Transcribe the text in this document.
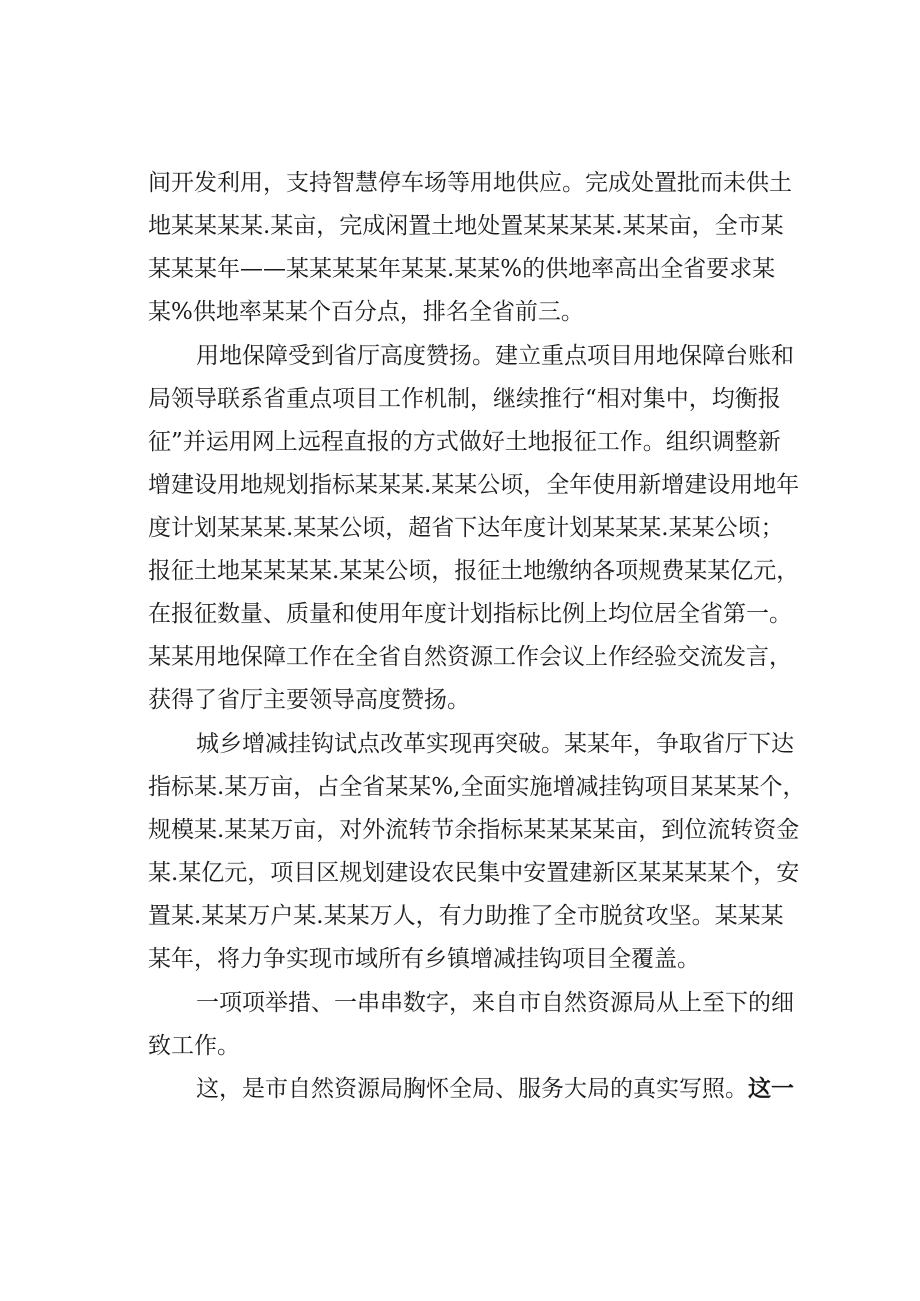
间开发利用，支持智慧停车场等用地供应。完成处置批而未供土
地某某某某.某亩，完成闲置土地处置某某某某.某某亩，全市某
某某某年——某某某某年某某.某某%的供地率高出全省要求某
某%供地率某某个百分点，排名全省前三。
用地保障受到省厅高度赞扬。建立重点项目用地保障台账和
局领导联系省重点项目工作机制，继续推行“相对集中，均衡报
征”并运用网上远程直报的方式做好土地报征工作。组织调整新
增建设用地规划指标某某某.某某公顷，全年使用新增建设用地年
度计划某某某.某某公顷，超省下达年度计划某某某.某某公顷；
报征土地某某某某.某某公顷，报征土地缴纳各项规费某某亿元，
在报征数量、质量和使用年度计划指标比例上均位居全省第一。
某某用地保障工作在全省自然资源工作会议上作经验交流发言，
获得了省厅主要领导高度赞扬。
城乡增减挂钩试点改革实现再突破。某某年，争取省厅下达
指标某.某万亩，占全省某某%,全面实施增减挂钩项目某某某个，
规模某.某某万亩，对外流转节余指标某某某某亩，到位流转资金
某.某亿元，项目区规划建设农民集中安置建新区某某某某个，安
置某.某某万户某.某某万人，有力助推了全市脱贫攻坚。某某某
某年，将力争实现市域所有乡镇增减挂钩项目全覆盖。
一项项举措、一串串数字，来自市自然资源局从上至下的细
致工作。
这，是市自然资源局胸怀全局、服务大局的真实写照。这一
